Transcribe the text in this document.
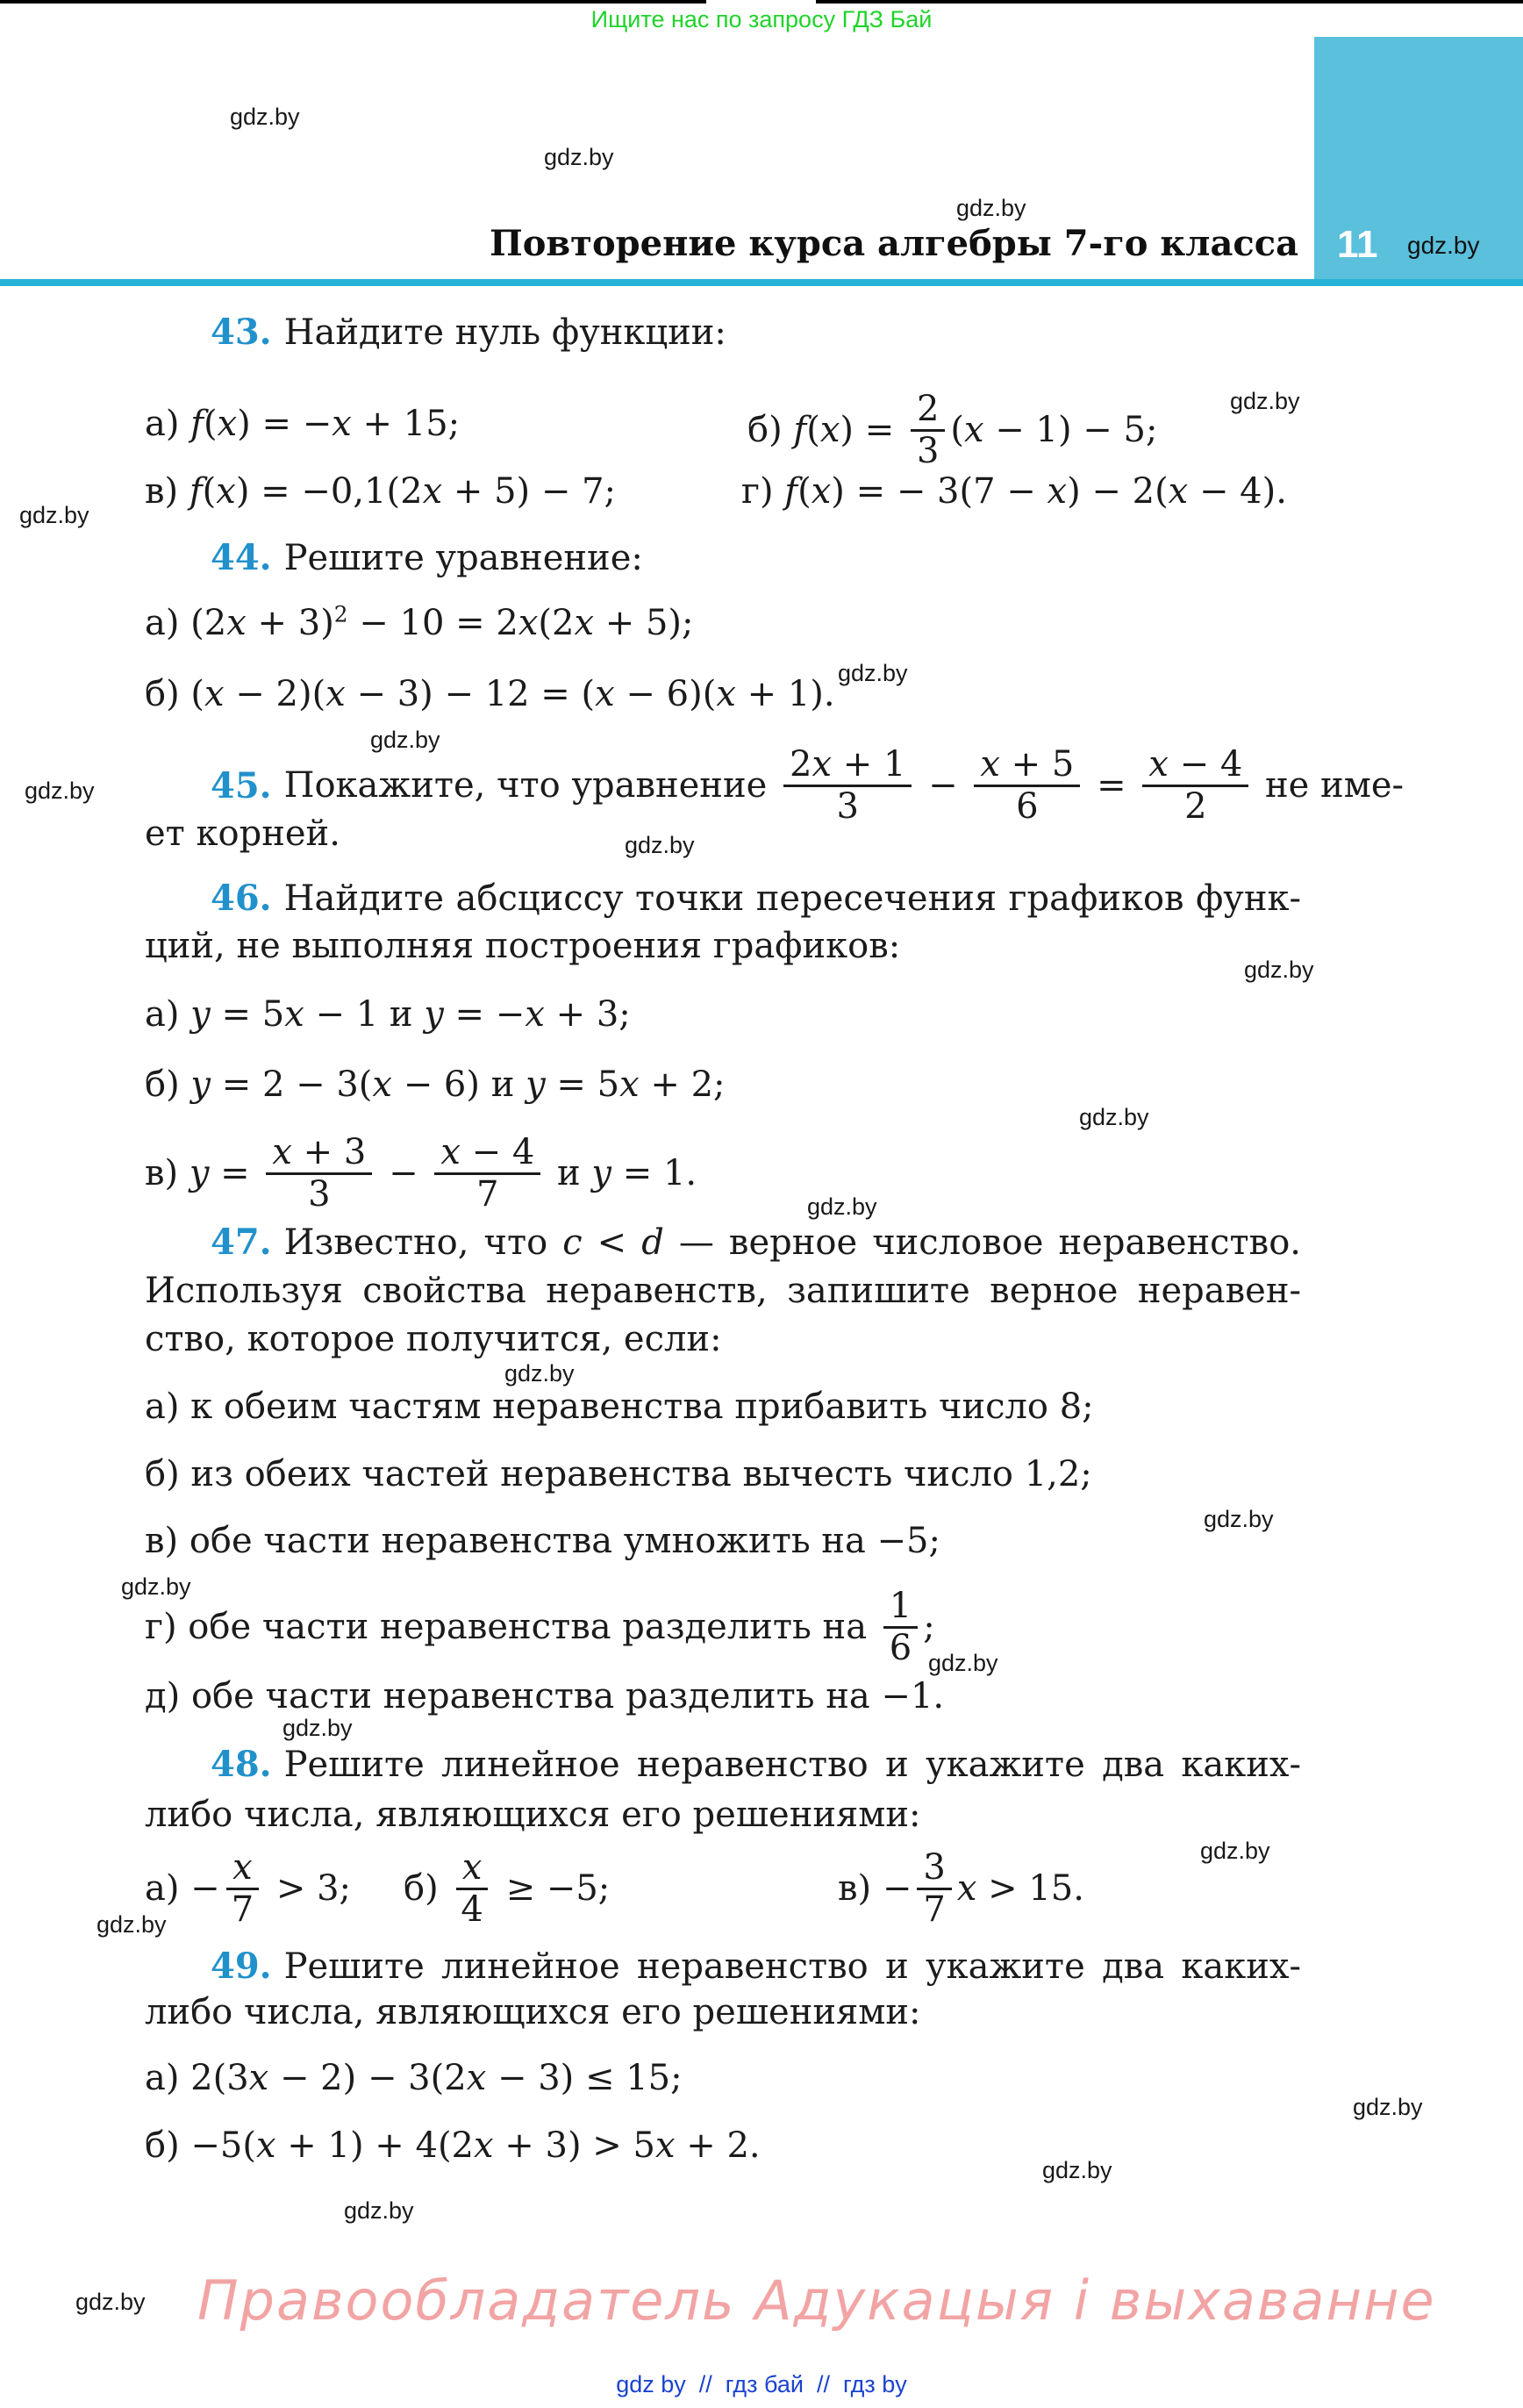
Ищите нас по запросу ГДЗ Бай
gdz.by
gdz.by
gdz.by
gdz.by
gdz.by
gdz.by
gdz.by
gdz.by
gdz.by
gdz.by
gdz.by
gdz.by
gdz.by
gdz.by
gdz.by
gdz.by
gdz.by
gdz.by
gdz.by
gdz.by
gdz.by
gdz.by
gdz.by
Повторение курса алгебры 7-го класса 11 gdz.by
43. Найдите нуль функции:
а) f(x) = −x + 15;	б) $f(x) = \frac{2}{3} (x - 1) - 5$;
в) f(x) = −0,1(2x + 5) − 7;	г) f(x) = − 3(7 − x) − 2(x − 4).
44. Решите уравнение:
а) $(2x + 3)^2 - 10 = 2x(2x + 5)$;
б) (x − 2)(x − 3) − 12 = (x − 6)(x + 1).
45. Покажите, что уравнение $\frac{2x + 1}{3} - \frac{x + 5}{6} = \frac{x - 4}{2}$ не име-
ет корней.
46. Найдите абсциссу точки пересечения графиков функ-
ций, не выполняя построения графиков:
а) y = 5x − 1 и y = −x + 3;
б) y = 2 − 3(x − 6) и y = 5x + 2;
в) $y = \frac{x + 3}{3} - \frac{x - 4}{7}$ и y = 1.
47. Известно, что c < d — верное числовое неравенство.
Используя свойства неравенств, запишите верное неравен-
ство, которое получится, если:
а) к обеим частям неравенства прибавить число 8;
б) из обеих частей неравенства вычесть число 1,2;
в) обе части неравенства умножить на −5;
г) обе части неравенства разделить на $\frac{1}{6}$ ;
д) обе части неравенства разделить на −1.
48. Решите линейное неравенство и укажите два каких-
либо числа, являющихся его решениями:
$а) - \frac{x}{7} > 3$; $б) \frac{x}{4} \ge -5$;	$в) - \frac{3}{7}$ x > 15.
49. Решите линейное неравенство и укажите два каких-
либо числа, являющихся его решениями:
а) 2(3x − 2) − 3(2x − 3) ≤ 15;
б) −5(x + 1) + 4(2x + 3) > 5x + 2.
Правообладатель Адукацыя і выхаванне
gdz by  //  гдз бай  //  гдз by
